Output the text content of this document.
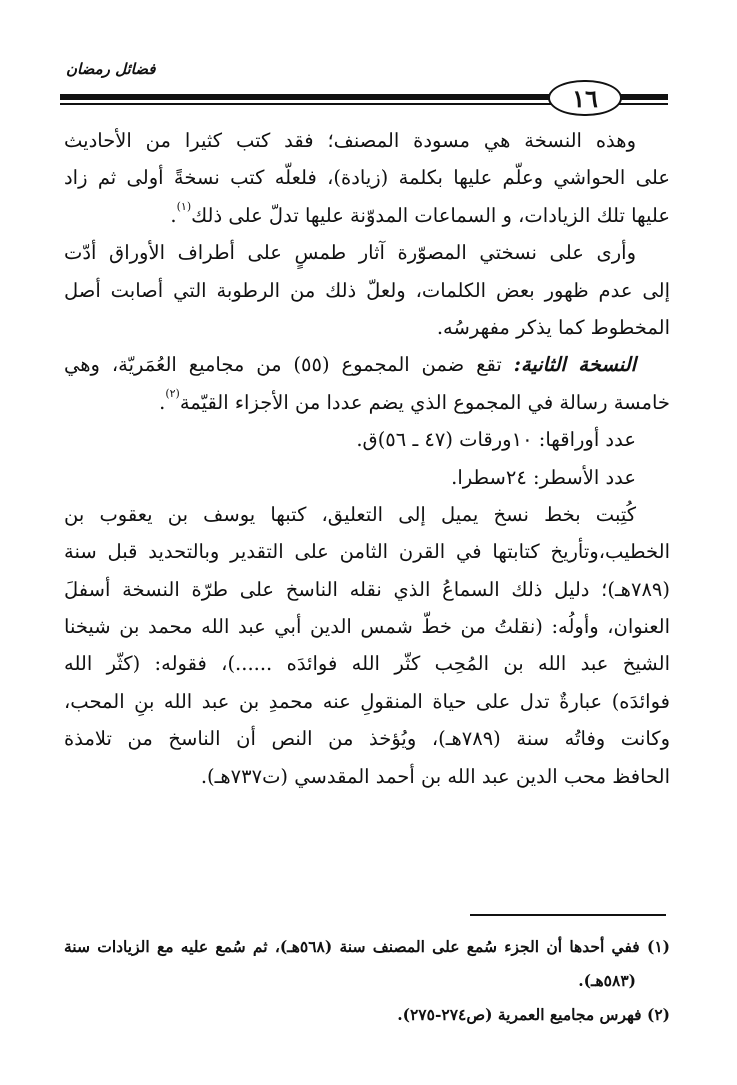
فضائل رمضان
١٦
وهذه النسخة هي مسودة المصنف؛ فقد كتب كثيرا من الأحاديث
على الحواشي وعلّم عليها بكلمة (زيادة)، فلعلّه كتب نسخةً أولى ثم زاد
عليها تلك الزيادات، و السماعات المدوّنة عليها تدلّ على ذلك$^{(١)}$.
وأرى على نسختي المصوّرة آثار طمسٍ على أطراف الأوراق أدّت
إلى عدم ظهور بعض الكلمات، ولعلّ ذلك من الرطوبة التي أصابت أصل
المخطوط كما يذكر مفهرسُه.
النسخة الثانية: تقع ضمن المجموع (٥٥) من مجاميع العُمَريّة، وهي
خامسة رسالة في المجموع الذي يضم عددا من الأجزاء القيّمة$^{(٢)}$.
عدد أوراقها: ١٠ورقات (٤٧ ـ ٥٦)ق.
عدد الأسطر: ٢٤سطرا.
كُتِبت بخط نسخ يميل إلى التعليق، كتبها يوسف بن يعقوب بن
الخطيب،وتأريخ كتابتها في القرن الثامن على التقدير وبالتحديد قبل سنة
(٧٨٩هـ)؛ دليل ذلك السماعُ الذي نقله الناسخ على طرّة النسخة أسفلَ
العنوان، وأولُه: (نقلتُ من خطّ شمس الدين أبي عبد الله محمد بن شيخنا
الشيخ عبد الله بن المُحِب كثّر الله فوائدَه ......)، فقوله: (كثّر الله
فوائدَه) عبارةٌ تدل على حياة المنقولِ عنه محمدِ بن عبد الله بنِ المحب،
وكانت وفاتُه سنة (٧٨٩هـ)، ويُؤخذ من النص أن الناسخ من تلامذة
الحافظ محب الدين عبد الله بن أحمد المقدسي (ت٧٣٧هـ).
(١) ففي أحدها أن الجزء سُمع على المصنف سنة (٥٦٨هـ)، ثم سُمع عليه مع الزيادات سنة
(٥٨٣هـ).
(٢) فهرس مجاميع العمرية (ص٢٧٤-٢٧٥).
